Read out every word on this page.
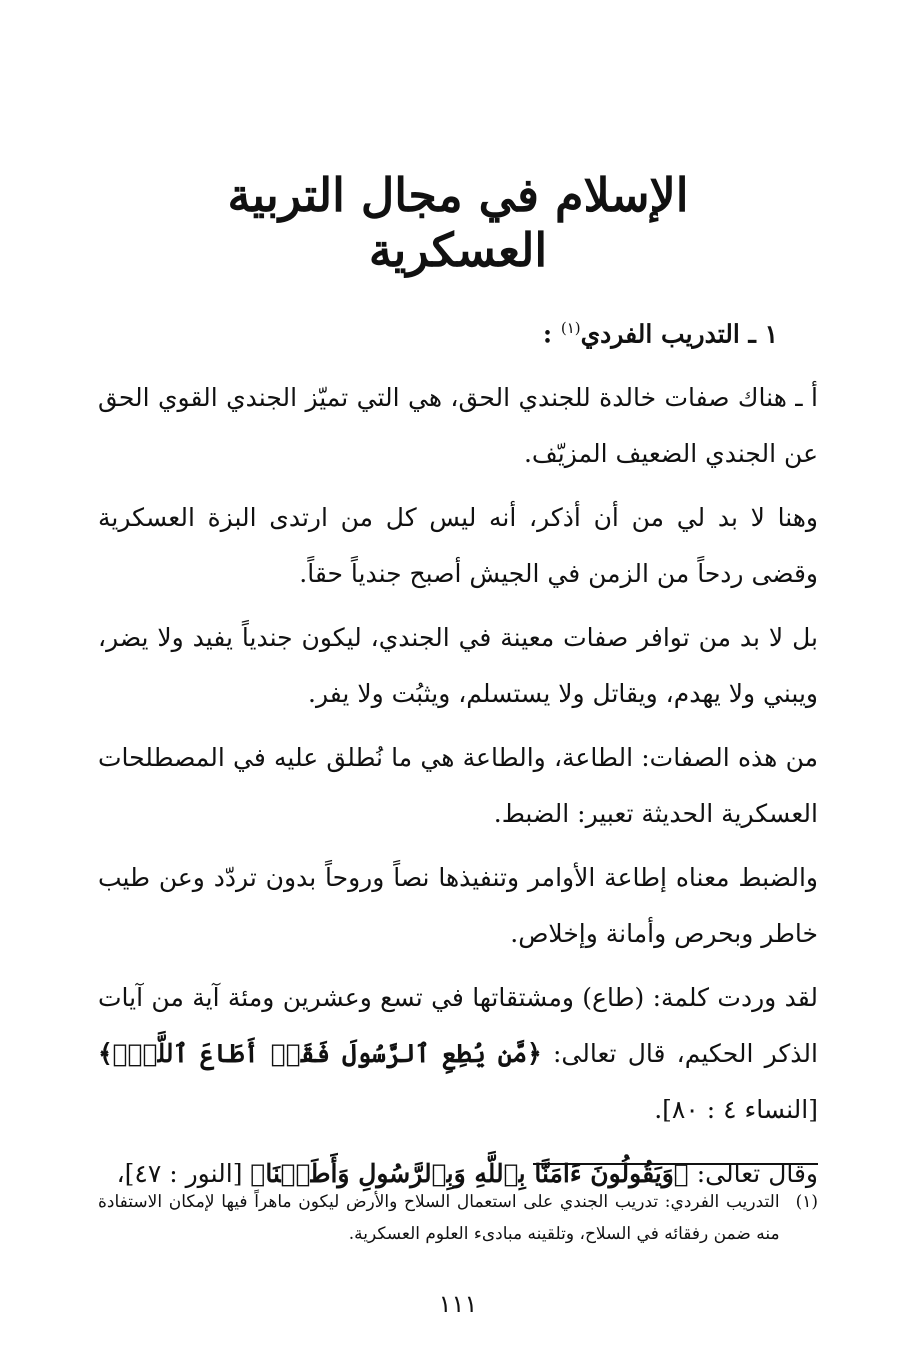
الإسلام في مجال التربية العسكرية

١ ـ التدريب الفردي$^{(١)}$ :

أ ـ هناك صفات خالدة للجندي الحق، هي التي تميّز الجندي القوي الحق عن الجندي الضعيف المزيّف.

وهنا لا بد لي من أن أذكر، أنه ليس كل من ارتدى البزة العسكرية وقضى ردحاً من الزمن في الجيش أصبح جندياً حقاً.

بل لا بد من توافر صفات معينة في الجندي، ليكون جندياً يفيد ولا يضر، ويبني ولا يهدم، ويقاتل ولا يستسلم، ويثبُت ولا يفر.

من هذه الصفات: الطاعة، والطاعة هي ما نُطلق عليه في المصطلحات العسكرية الحديثة تعبير: الضبط.

والضبط معناه إطاعة الأوامر وتنفيذها نصاً وروحاً بدون تردّد وعن طيب خاطر وبحرص وأمانة وإخلاص.

لقد وردت كلمة: (طاع) ومشتقاتها في تسع وعشرين ومئة آية من آيات الذكر الحكيم، قال تعالى: ﴿مَّن يُطِعِ ٱلرَّسُولَ فَقَدۡ أَطَاعَ ٱللَّهَۖ﴾ [النساء ٤ : ٨٠].

وقال تعالى: ﴿وَيَقُولُونَ ءَامَنَّا بِٱللَّهِ وَبِٱلرَّسُولِ وَأَطَعۡنَا﴾ [النور : ٤٧]،

(١)
التدريب الفردي: تدريب الجندي على استعمال السلاح والأرض ليكون ماهراً فيها لإمكان الاستفادة منه ضمن رفقائه في السلاح، وتلقينه مبادىء العلوم العسكرية.
١١١
